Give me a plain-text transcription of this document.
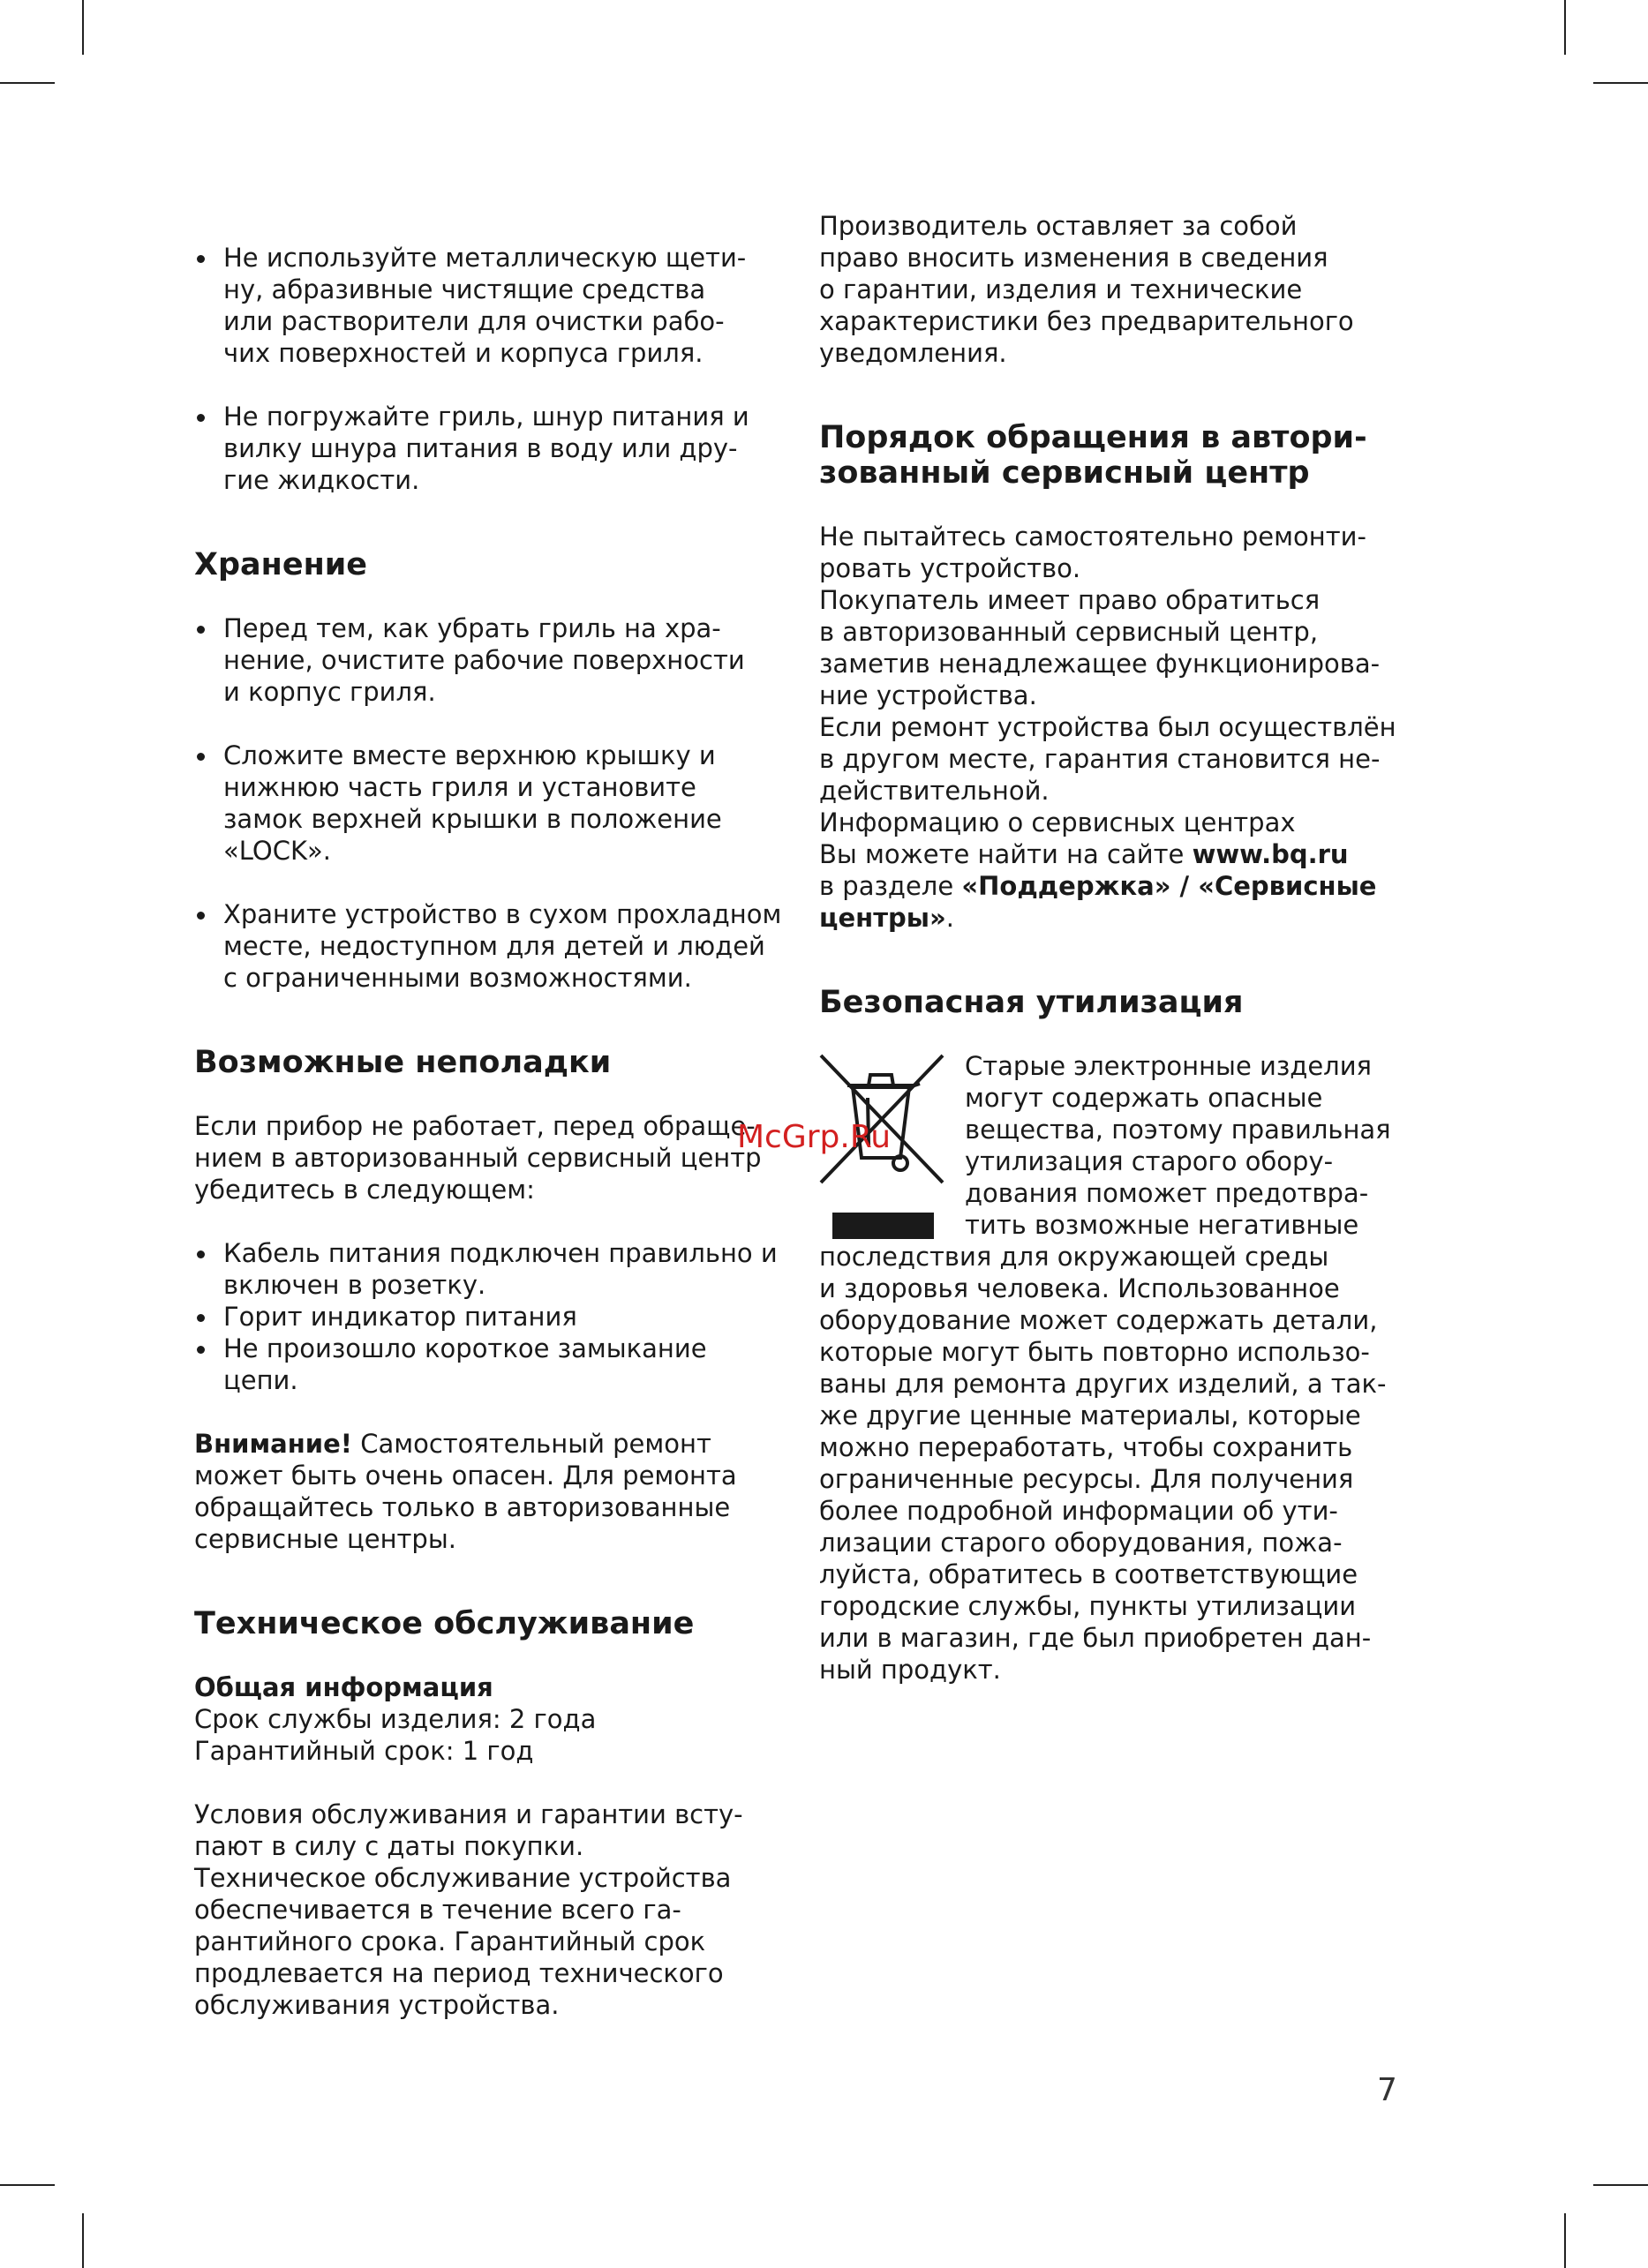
Не используйте металлическую щети-
ну, абразивные чистящие средства
или растворители для очистки рабо-
чих поверхностей и корпуса гриля.
Не погружайте гриль, шнур питания и
вилку шнура питания в воду или дру-
гие жидкости.
Хранение
Перед тем, как убрать гриль на хра-
нение, очистите рабочие поверхности
и корпус гриля.
Сложите вместе верхнюю крышку и
нижнюю часть гриля и установите
замок верхней крышки в положение
«LOCK».
Храните устройство в сухом прохладном
месте, недоступном для детей и людей
с ограниченными возможностями.
Возможные неполадки

Если прибор не работает, перед обраще-
нием в авторизованный сервисный центр
убедитесь в следующем:

Кабель питания подключен правильно и
включен в розетку.
Горит индикатор питания
Не произошло короткое замыкание
цепи.

Внимание! Самостоятельный ремонт
может быть очень опасен. Для ремонта
обращайтесь только в авторизованные
сервисные центры.

Техническое обслуживание

Общая информация

Срок службы изделия: 2 года

Гарантийный срок: 1 год

Условия обслуживания и гарантии всту-
пают в силу с даты покупки.
Техническое обслуживание устройства
обеспечивается в течение всего га-
рантийного срока. Гарантийный срок
продлевается на период технического
обслуживания устройства.

Производитель оставляет за собой
право вносить изменения в сведения
о гарантии, изделия и технические
характеристики без предварительного
уведомления.

Порядок обращения в автори-
зованный сервисный центр

Не пытайтесь самостоятельно ремонти-
ровать устройство.
Покупатель имеет право обратиться
в авторизованный сервисный центр,
заметив ненадлежащее функционирова-
ние устройства.
Если ремонт устройства был осуществлён
в другом месте, гарантия становится не-
действительной.
Информацию о сервисных центрах
Вы можете найти на сайте www.bq.ru
в разделе «Поддержка» / «Сервисные
центры».

Безопасная утилизация

Старые электронные изделия
могут содержать опасные
вещества, поэтому правильная
утилизация старого обору-
дования поможет предотвра-
тить возможные негативные
последствия для окружающей среды
и здоровья человека. Использованное
оборудование может содержать детали,
которые могут быть повторно использо-
ваны для ремонта других изделий, а так-
же другие ценные материалы, которые
можно переработать, чтобы сохранить
ограниченные ресурсы. Для получения
более подробной информации об ути-
лизации старого оборудования, пожа-
луйста, обратитесь в соответствующие
городские службы, пункты утилизации
или в магазин, где был приобретен дан-
ный продукт.

McGrp.Ru
7
